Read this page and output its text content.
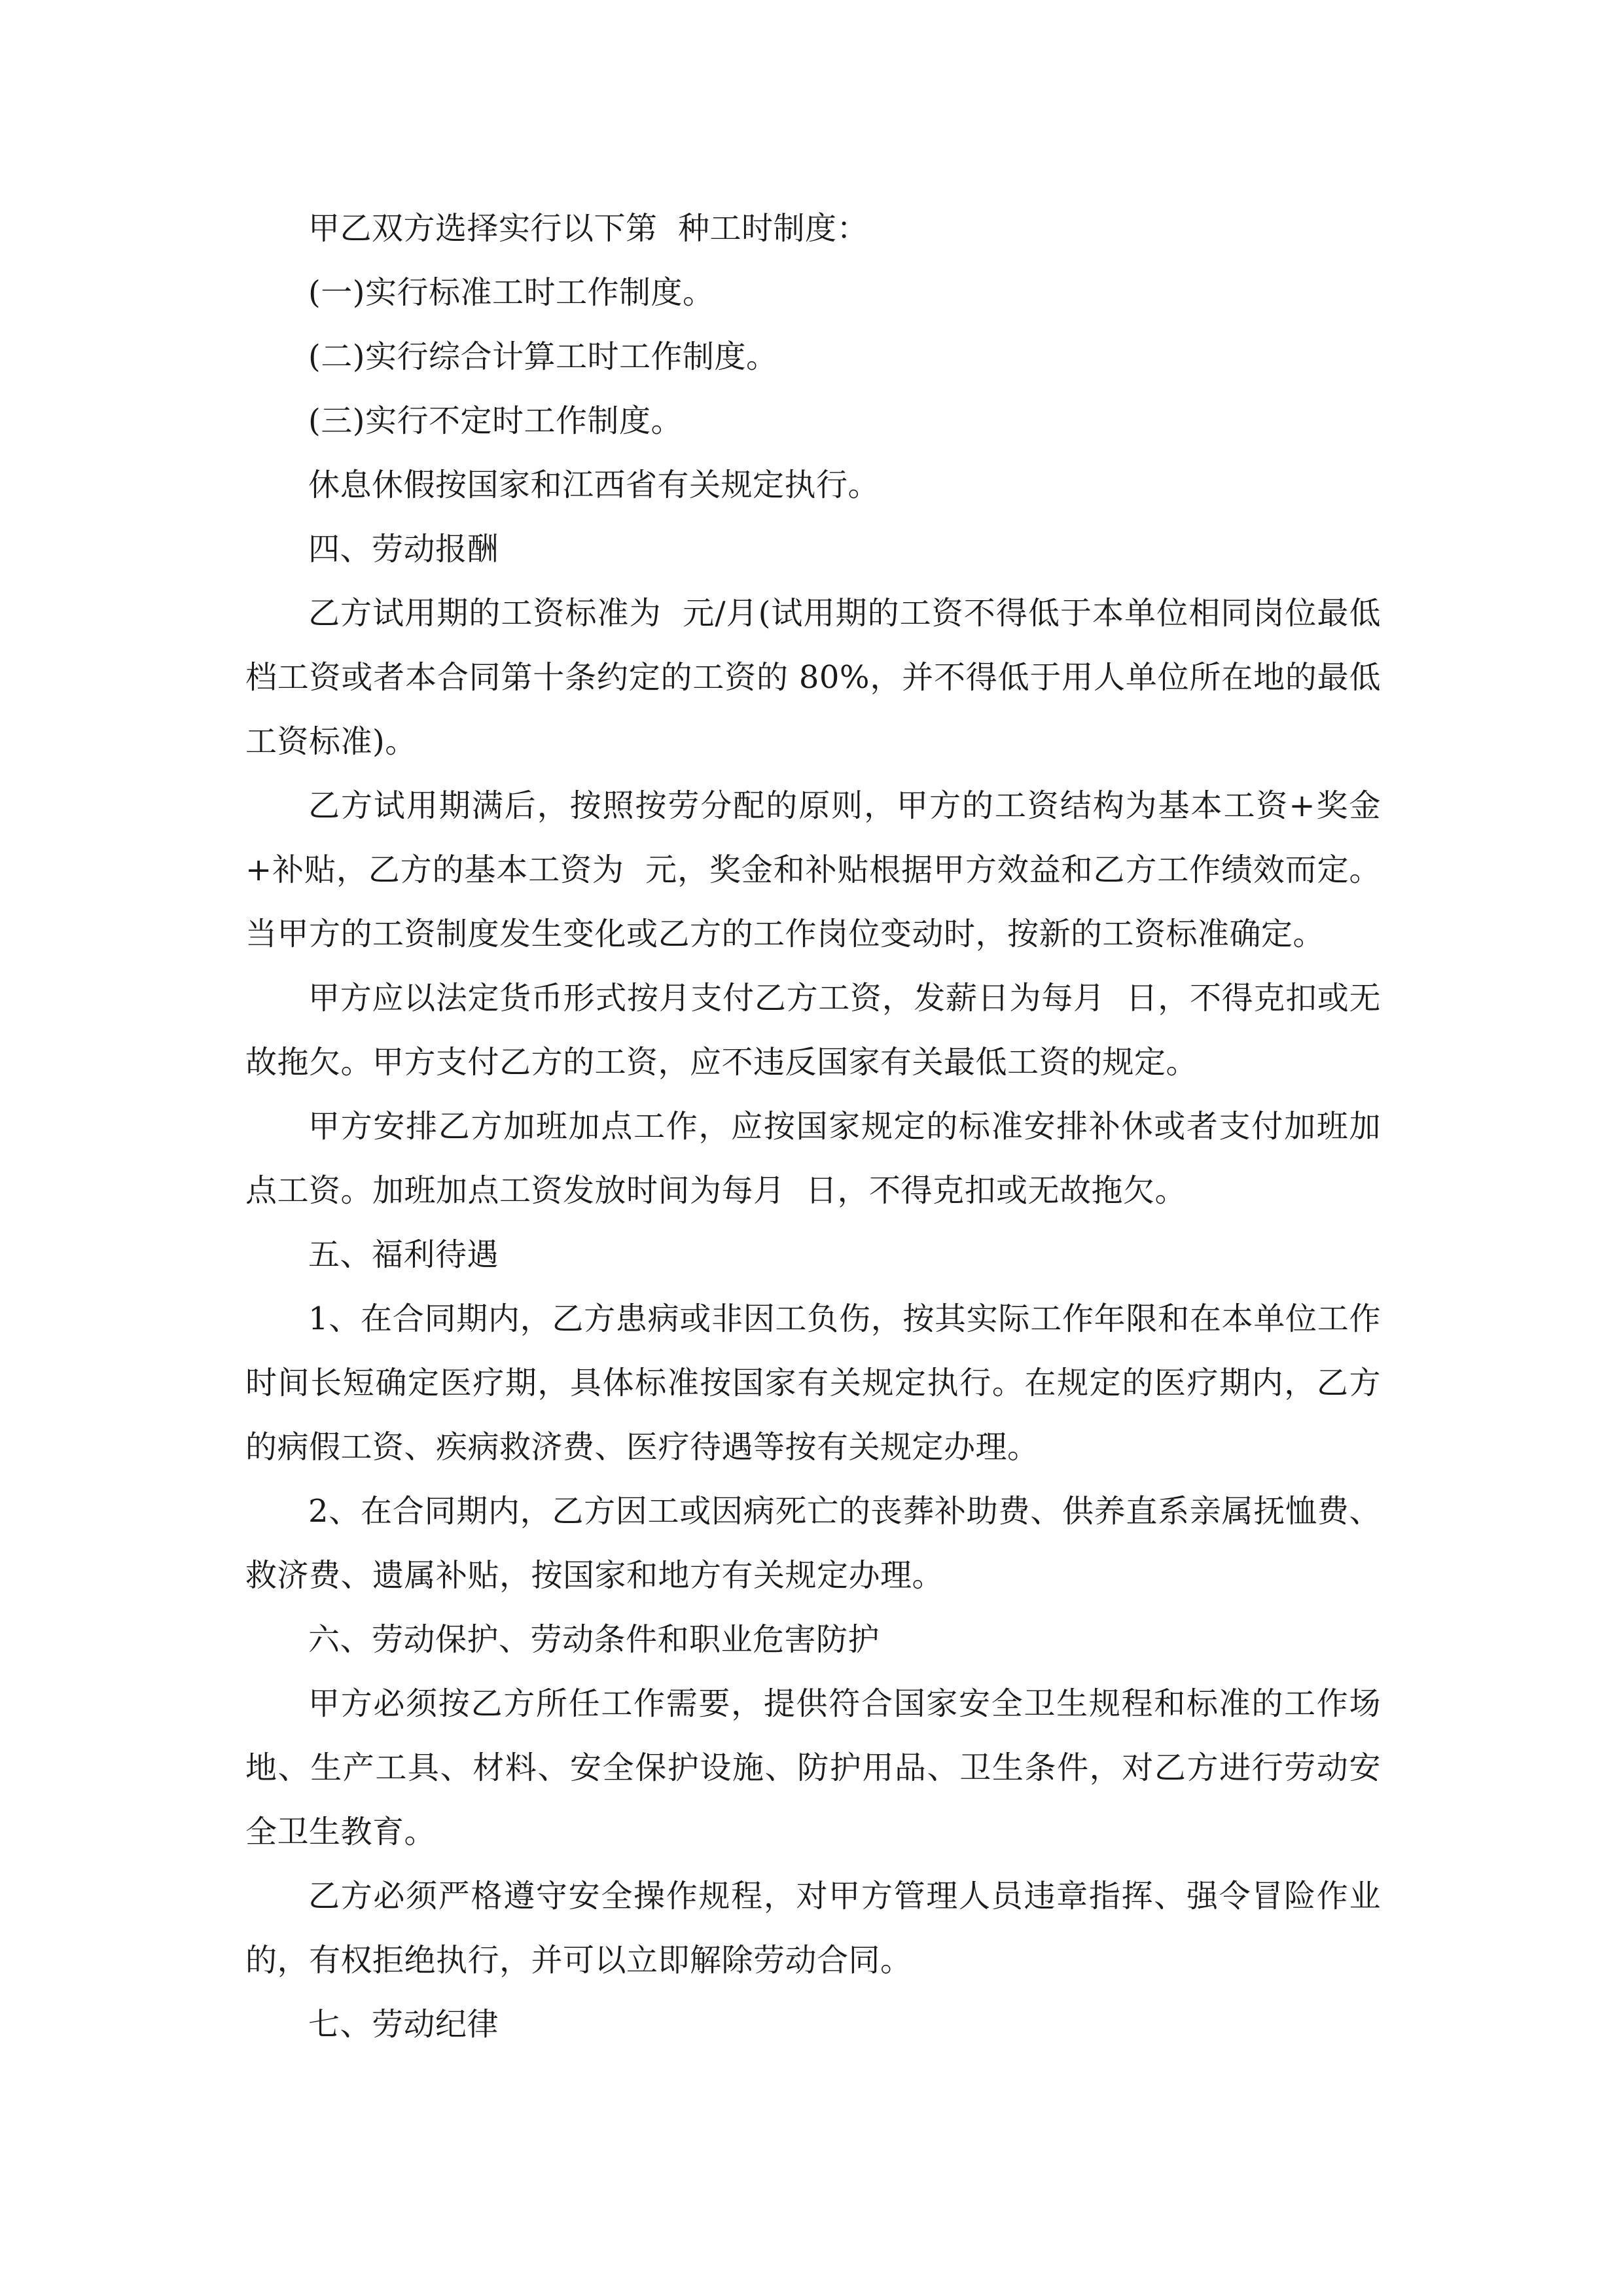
甲乙双方选择实行以下第  种工时制度：

(一)实行标准工时工作制度。

(二)实行综合计算工时工作制度。

(三)实行不定时工作制度。

休息休假按国家和江西省有关规定执行。

四、劳动报酬

乙方试用期的工资标准为  元/月(试用期的工资不得低于本单位相同岗位最低档工资或者本合同第十条约定的工资的 80%，并不得低于用人单位所在地的最低工资标准)。

乙方试用期满后，按照按劳分配的原则，甲方的工资结构为基本工资+奖金+补贴，乙方的基本工资为  元，奖金和补贴根据甲方效益和乙方工作绩效而定。当甲方的工资制度发生变化或乙方的工作岗位变动时，按新的工资标准确定。

甲方应以法定货币形式按月支付乙方工资，发薪日为每月  日，不得克扣或无故拖欠。甲方支付乙方的工资，应不违反国家有关最低工资的规定。

甲方安排乙方加班加点工作，应按国家规定的标准安排补休或者支付加班加点工资。加班加点工资发放时间为每月  日，不得克扣或无故拖欠。

五、福利待遇

1、在合同期内，乙方患病或非因工负伤，按其实际工作年限和在本单位工作时间长短确定医疗期，具体标准按国家有关规定执行。在规定的医疗期内，乙方的病假工资、疾病救济费、医疗待遇等按有关规定办理。

2、在合同期内，乙方因工或因病死亡的丧葬补助费、供养直系亲属抚恤费、救济费、遗属补贴，按国家和地方有关规定办理。

六、劳动保护、劳动条件和职业危害防护

甲方必须按乙方所任工作需要，提供符合国家安全卫生规程和标准的工作场地、生产工具、材料、安全保护设施、防护用品、卫生条件，对乙方进行劳动安全卫生教育。

乙方必须严格遵守安全操作规程，对甲方管理人员违章指挥、强令冒险作业的，有权拒绝执行，并可以立即解除劳动合同。

七、劳动纪律
